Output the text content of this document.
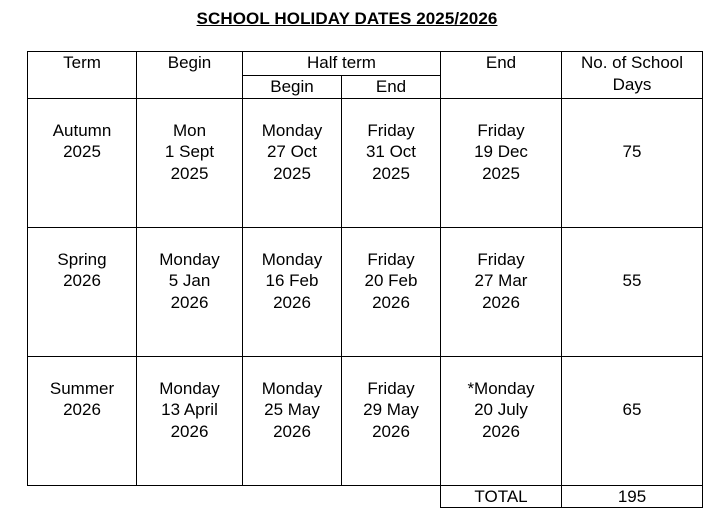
SCHOOL HOLIDAY DATES 2025/2026
Term	Begin	Half term		End	No. of School
Days

		Begin	End		

Autumn
2025	Mon
1 Sept
2025	Monday
27 Oct
2025	Friday
31 Oct
2025	Friday
19 Dec
2025	75

Spring
2026	Monday
5 Jan
2026	Monday
16 Feb
2026	Friday
20 Feb
2026	Friday
27 Mar
2026	55

Summer
2026	Monday
13 April
2026	Monday
25 May
2026	Friday
29 May
2026	*Monday
20 July
2026	65
				TOTAL	195
